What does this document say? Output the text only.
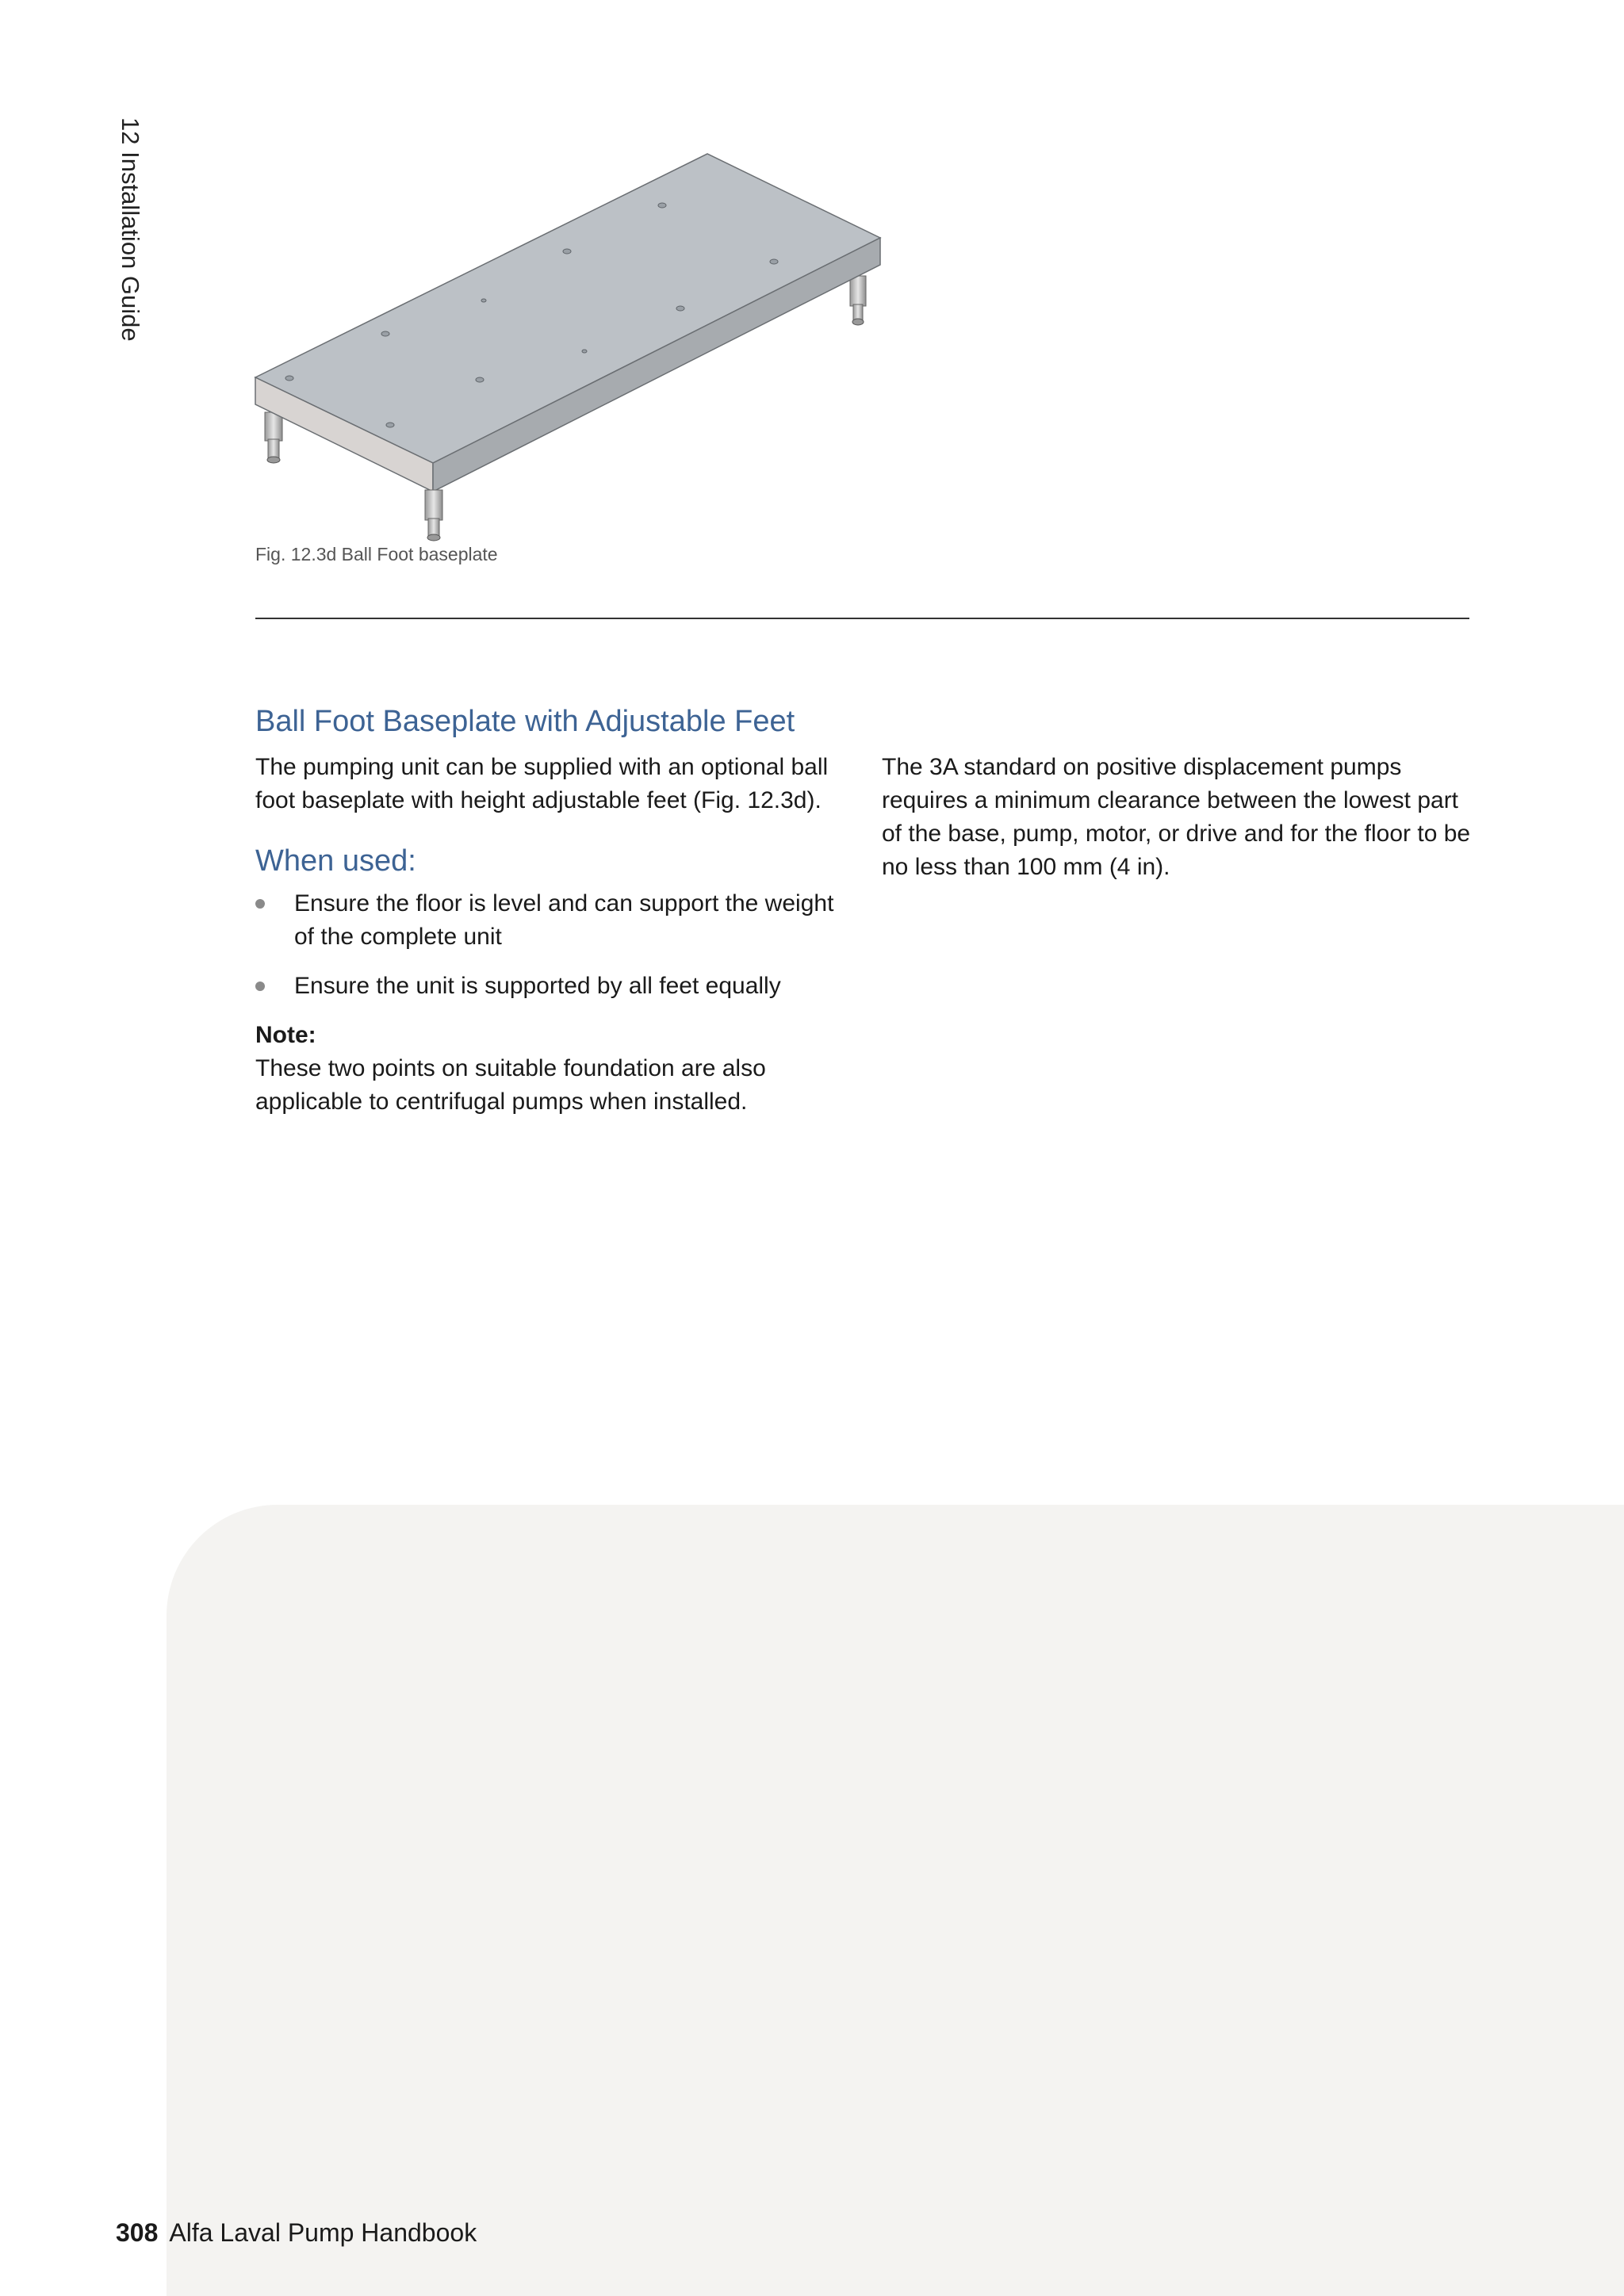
12 Installation Guide
Fig. 12.3d Ball Foot baseplate
Ball Foot Baseplate with Adjustable Feet

The pumping unit can be supplied with an optional ball foot baseplate with height adjustable feet (Fig. 12.3d).

When used:
Ensure the floor is level and can support the weight of the complete unit
Ensure the unit is supported by all feet equally

Note:

These two points on suitable foundation are also applicable to centrifugal pumps when installed.

The 3A standard on positive displacement pumps requires a minimum clearance between the lowest part of the base, pump, motor, or drive and for the floor to be no less than 100 mm (4 in).

308 Alfa Laval Pump Handbook
